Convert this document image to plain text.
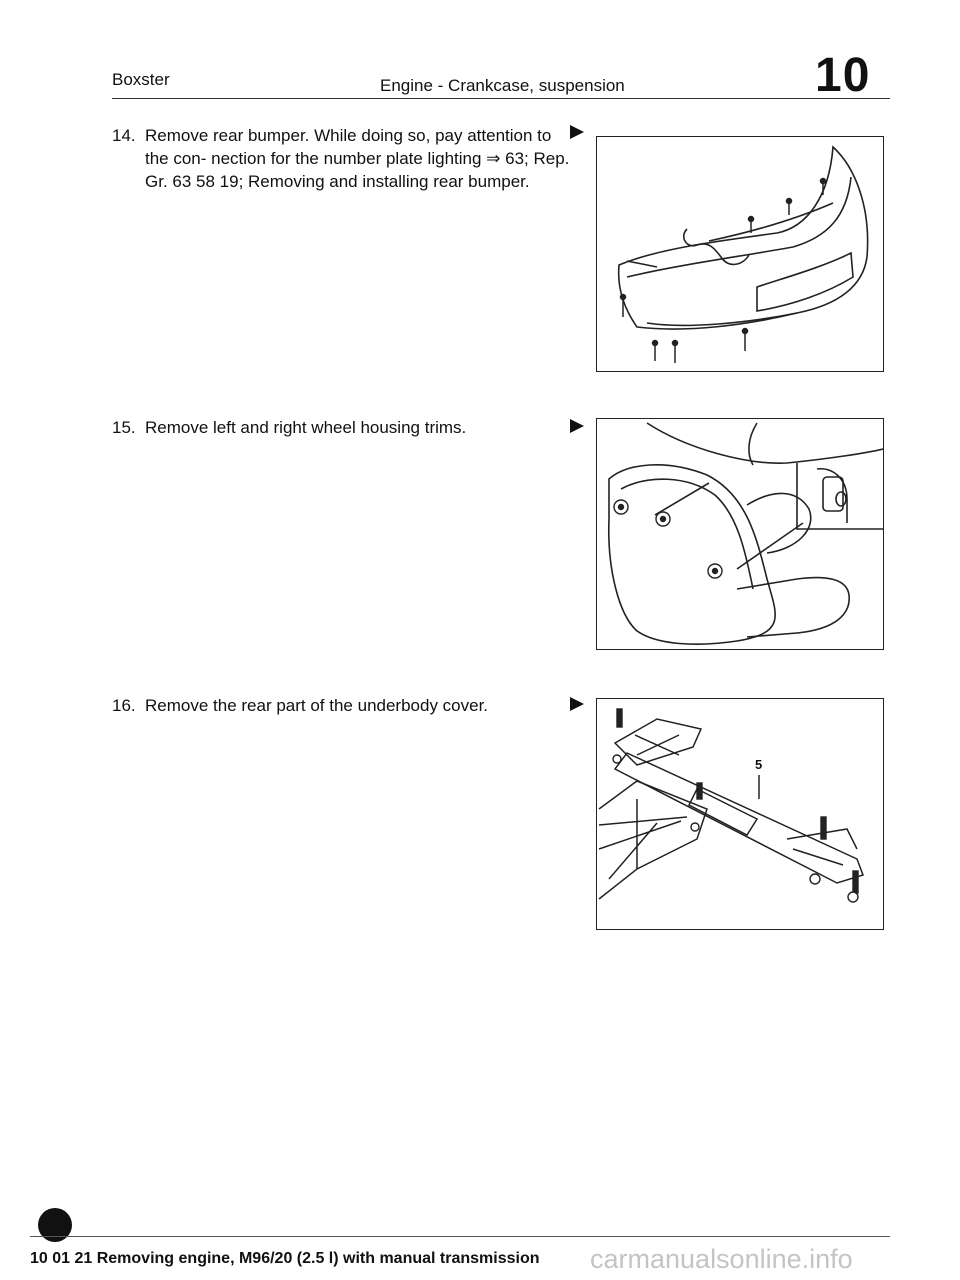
Boxster	Engine - Crankcase, suspension	10
14. Remove rear bumper. While doing so, pay attention to the con- nection for the number plate lighting ⇒ 63; Rep. Gr. 63 58 19; Removing and installing rear bumper.
15. Remove left and right wheel housing trims.
16. Remove the rear part of the underbody cover.
5
10 01 21 Removing engine, M96/20 (2.5 l) with manual transmission carmanualsonline.info
